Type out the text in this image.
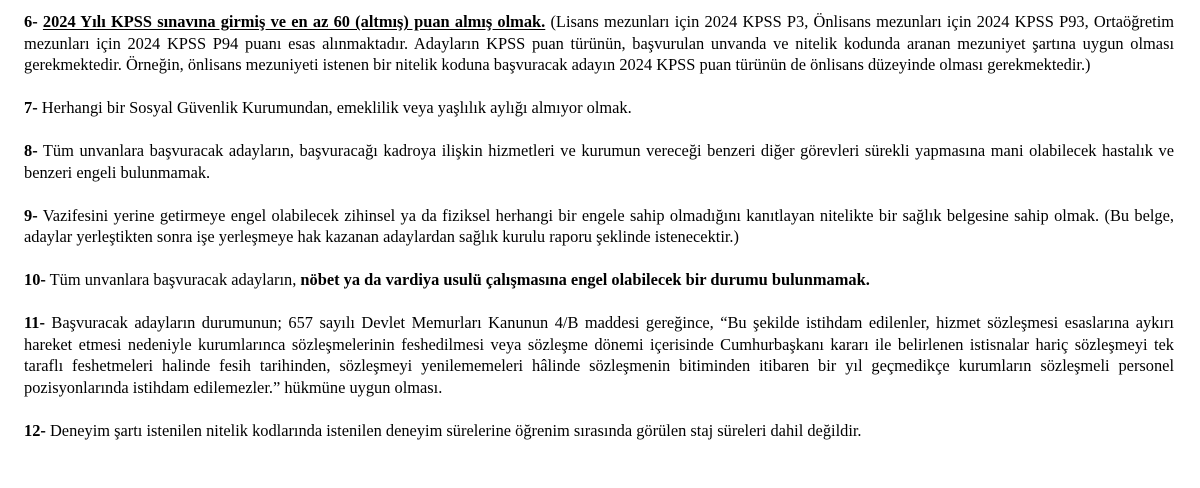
6- 2024 Yılı KPSS sınavına girmiş ve en az 60 (altmış) puan almış olmak. (Lisans mezunları için 2024 KPSS P3, Önlisans mezunları için 2024 KPSS P93, Ortaöğretim mezunları için 2024 KPSS P94 puanı esas alınmaktadır. Adayların KPSS puan türünün, başvurulan unvanda ve nitelik kodunda aranan mezuniyet şartına uygun olması gerekmektedir. Örneğin, önlisans mezuniyeti istenen bir nitelik koduna başvuracak adayın 2024 KPSS puan türünün de önlisans düzeyinde olması gerekmektedir.)

7- Herhangi bir Sosyal Güvenlik Kurumundan, emeklilik veya yaşlılık aylığı almıyor olmak.

8- Tüm unvanlara başvuracak adayların, başvuracağı kadroya ilişkin hizmetleri ve kurumun vereceği benzeri diğer görevleri sürekli yapmasına mani olabilecek hastalık ve benzeri engeli bulunmamak.

9- Vazifesini yerine getirmeye engel olabilecek zihinsel ya da fiziksel herhangi bir engele sahip olmadığını kanıtlayan nitelikte bir sağlık belgesine sahip olmak. (Bu belge, adaylar yerleştikten sonra işe yerleşmeye hak kazanan adaylardan sağlık kurulu raporu şeklinde istenecektir.)

10- Tüm unvanlara başvuracak adayların, nöbet ya da vardiya usulü çalışmasına engel olabilecek bir durumu bulunmamak.

11- Başvuracak adayların durumunun; 657 sayılı Devlet Memurları Kanunun 4/B maddesi gereğince, “Bu şekilde istihdam edilenler, hizmet sözleşmesi esaslarına aykırı hareket etmesi nedeniyle kurumlarınca sözleşmelerinin feshedilmesi veya sözleşme dönemi içerisinde Cumhurbaşkanı kararı ile belirlenen istisnalar hariç sözleşmeyi tek taraflı feshetmeleri halinde fesih tarihinden, sözleşmeyi yenilememeleri hâlinde sözleşmenin bitiminden itibaren bir yıl geçmedikçe kurumların sözleşmeli personel pozisyonlarında istihdam edilemezler.” hükmüne uygun olması.

12- Deneyim şartı istenilen nitelik kodlarında istenilen deneyim sürelerine öğrenim sırasında görülen staj süreleri dahil değildir.
